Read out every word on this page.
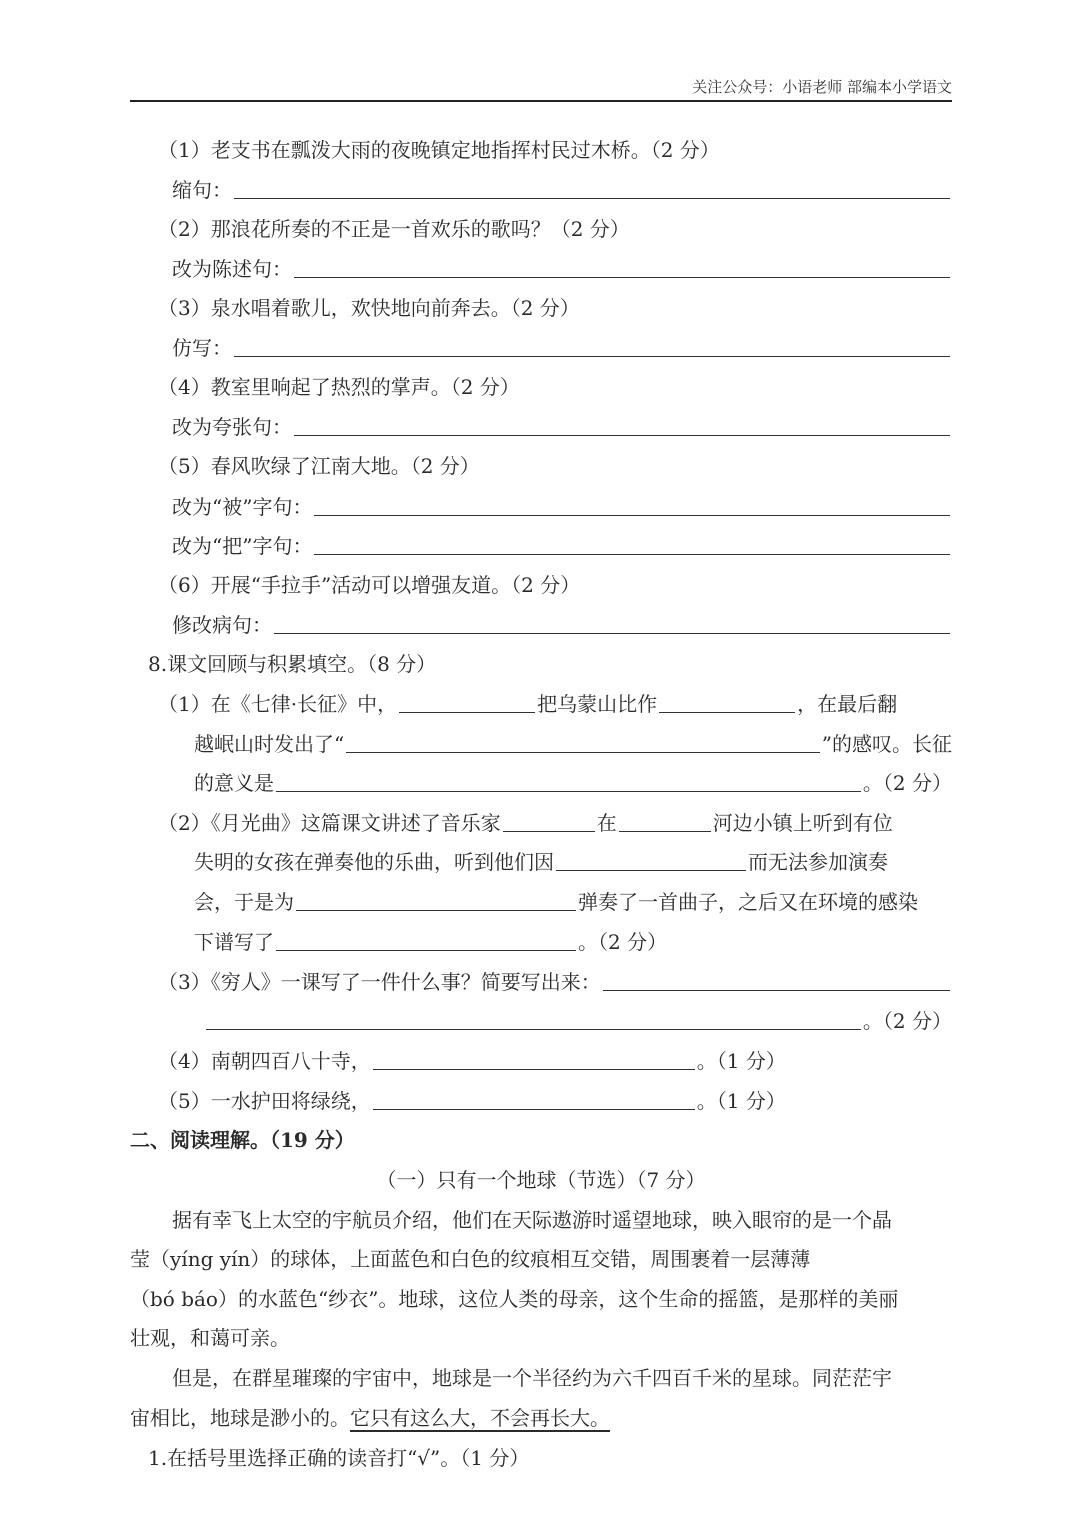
关注公众号：小语老师 部编本小学语文
（1）老支书在瓢泼大雨的夜晚镇定地指挥村民过木桥。（2 分）
缩句：
（2）那浪花所奏的不正是一首欢乐的歌吗？（2 分）
改为陈述句：
（3）泉水唱着歌儿，欢快地向前奔去。（2 分）
仿写：
（4）教室里响起了热烈的掌声。（2 分）
改为夸张句：
（5）春风吹绿了江南大地。（2 分）
改为“被”字句：
改为“把”字句：
（6）开展“手拉手”活动可以增强友道。（2 分）
修改病句：
8.课文回顾与积累填空。（8 分）
（1）在《七律·长征》中，	把乌蒙山比作	，在最后翻
越岷山时发出了“	”的感叹。长征
的意义是	。（2 分）
（2）《月光曲》这篇课文讲述了音乐家	在	河边小镇上听到有位
失明的女孩在弹奏他的乐曲，听到他们因	而无法参加演奏
会，于是为	弹奏了一首曲子，之后又在环境的感染
下谱写了	。（2 分）
（3）《穷人》一课写了一件什么事？简要写出来：
。（2 分）
（4）南朝四百八十寺，	。（1 分）
（5）一水护田将绿绕，	。（1 分）
二、阅读理解。（19 分）
（一）只有一个地球（节选）（7 分）
据有幸飞上太空的宇航员介绍，他们在天际遨游时遥望地球，映入眼帘的是一个晶
莹（yíng yín）的球体，上面蓝色和白色的纹痕相互交错，周围裹着一层薄薄
（bó báo）的水蓝色“纱衣”。地球，这位人类的母亲，这个生命的摇篮，是那样的美丽
壮观，和蔼可亲。
但是，在群星璀璨的宇宙中，地球是一个半径约为六千四百千米的星球。同茫茫宇
宙相比，地球是渺小的。它只有这么大，不会再长大。
1.在括号里选择正确的读音打“√”。（1 分）
